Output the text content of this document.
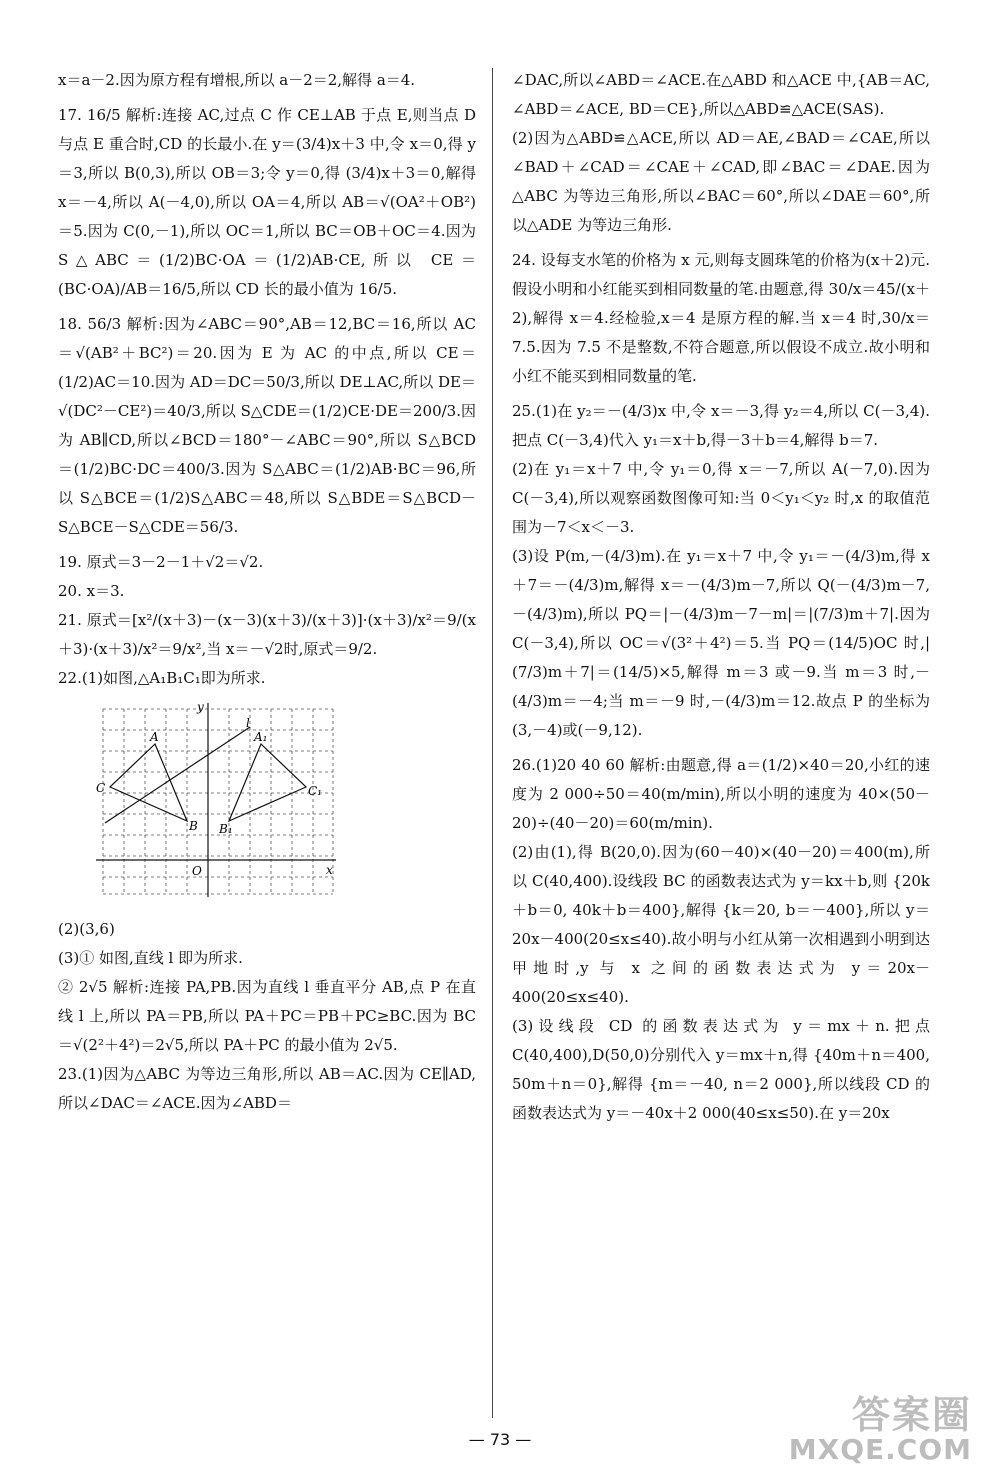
x＝a－2.因为原方程有增根,所以 a－2＝2,解得 a＝4.

17. 16/5 解析:连接 AC,过点 C 作 CE⊥AB 于点 E,则当点 D 与点 E 重合时,CD 的长最小.在 y＝(3/4)x＋3 中,令 x＝0,得 y＝3,所以 B(0,3),所以 OB＝3;令 y＝0,得 (3/4)x＋3＝0,解得 x＝－4,所以 A(－4,0),所以 OA＝4,所以 AB＝√(OA²＋OB²)＝5.因为 C(0,－1),所以 OC＝1,所以 BC＝OB＋OC＝4.因为 S△ABC＝(1/2)BC·OA＝(1/2)AB·CE,所以 CE＝(BC·OA)/AB＝16/5,所以 CD 长的最小值为 16/5.

18. 56/3 解析:因为∠ABC＝90°,AB＝12,BC＝16,所以 AC＝√(AB²＋BC²)＝20.因为 E 为 AC 的中点,所以 CE＝(1/2)AC＝10.因为 AD＝DC＝50/3,所以 DE⊥AC,所以 DE＝√(DC²－CE²)＝40/3,所以 S△CDE＝(1/2)CE·DE＝200/3.因为 AB∥CD,所以∠BCD＝180°－∠ABC＝90°,所以 S△BCD＝(1/2)BC·DC＝400/3.因为 S△ABC＝(1/2)AB·BC＝96,所以 S△BCE＝(1/2)S△ABC＝48,所以 S△BDE＝S△BCD－S△BCE－S△CDE＝56/3.

19. 原式＝3－2－1＋√2＝√2.

20. x＝3.

21. 原式＝[x²/(x＋3)－(x－3)(x＋3)/(x＋3)]·(x＋3)/x²＝9/(x＋3)·(x＋3)/x²＝9/x²,当 x＝－√2时,原式＝9/2.

22.(1)如图,△A₁B₁C₁即为所求.

y
x
O
l
A
C
B
A₁
C₁
B₁

(2)(3,6)

(3)① 如图,直线 l 即为所求.

② 2√5 解析:连接 PA,PB.因为直线 l 垂直平分 AB,点 P 在直线 l 上,所以 PA＝PB,所以 PA＋PC＝PB＋PC≥BC.因为 BC＝√(2²＋4²)＝2√5,所以 PA＋PC 的最小值为 2√5.

23.(1)因为△ABC 为等边三角形,所以 AB＝AC.因为 CE∥AD,所以∠DAC＝∠ACE.因为∠ABD＝

∠DAC,所以∠ABD＝∠ACE.在△ABD 和△ACE 中,{AB＝AC, ∠ABD＝∠ACE, BD＝CE},所以△ABD≌△ACE(SAS).

(2)因为△ABD≌△ACE,所以 AD＝AE,∠BAD＝∠CAE,所以∠BAD＋∠CAD＝∠CAE＋∠CAD,即∠BAC＝∠DAE.因为△ABC 为等边三角形,所以∠BAC＝60°,所以∠DAE＝60°,所以△ADE 为等边三角形.

24. 设每支水笔的价格为 x 元,则每支圆珠笔的价格为(x＋2)元.假设小明和小红能买到相同数量的笔.由题意,得 30/x＝45/(x＋2),解得 x＝4.经检验,x＝4 是原方程的解.当 x＝4 时,30/x＝7.5.因为 7.5 不是整数,不符合题意,所以假设不成立.故小明和小红不能买到相同数量的笔.

25.(1)在 y₂＝－(4/3)x 中,令 x＝－3,得 y₂＝4,所以 C(－3,4).把点 C(－3,4)代入 y₁＝x＋b,得－3＋b＝4,解得 b＝7.

(2)在 y₁＝x＋7 中,令 y₁＝0,得 x＝－7,所以 A(－7,0).因为 C(－3,4),所以观察函数图像可知:当 0＜y₁＜y₂ 时,x 的取值范围为－7＜x＜－3.

(3)设 P(m,－(4/3)m).在 y₁＝x＋7 中,令 y₁＝－(4/3)m,得 x＋7＝－(4/3)m,解得 x＝－(4/3)m－7,所以 Q(－(4/3)m－7,－(4/3)m),所以 PQ＝|－(4/3)m－7－m|＝|(7/3)m＋7|.因为 C(－3,4),所以 OC＝√(3²＋4²)＝5.当 PQ＝(14/5)OC 时,|(7/3)m＋7|＝(14/5)×5,解得 m＝3 或－9.当 m＝3 时,－(4/3)m＝－4;当 m＝－9 时,－(4/3)m＝12.故点 P 的坐标为(3,－4)或(－9,12).

26.(1)20 40 60 解析:由题意,得 a＝(1/2)×40＝20,小红的速度为 2 000÷50＝40(m/min),所以小明的速度为 40×(50－20)÷(40－20)＝60(m/min).

(2)由(1),得 B(20,0).因为(60－40)×(40－20)＝400(m),所以 C(40,400).设线段 BC 的函数表达式为 y＝kx＋b,则 {20k＋b＝0, 40k＋b＝400},解得 {k＝20, b＝－400},所以 y＝20x－400(20≤x≤40).故小明与小红从第一次相遇到小明到达甲地时,y 与 x 之间的函数表达式为 y＝20x－400(20≤x≤40).

(3)设线段 CD 的函数表达式为 y＝mx＋n.把点 C(40,400),D(50,0)分别代入 y＝mx＋n,得 {40m＋n＝400, 50m＋n＝0},解得 {m＝－40, n＝2 000},所以线段 CD 的函数表达式为 y＝－40x＋2 000(40≤x≤50).在 y＝20x

— 73 —
答案圈
MXQE.COM
